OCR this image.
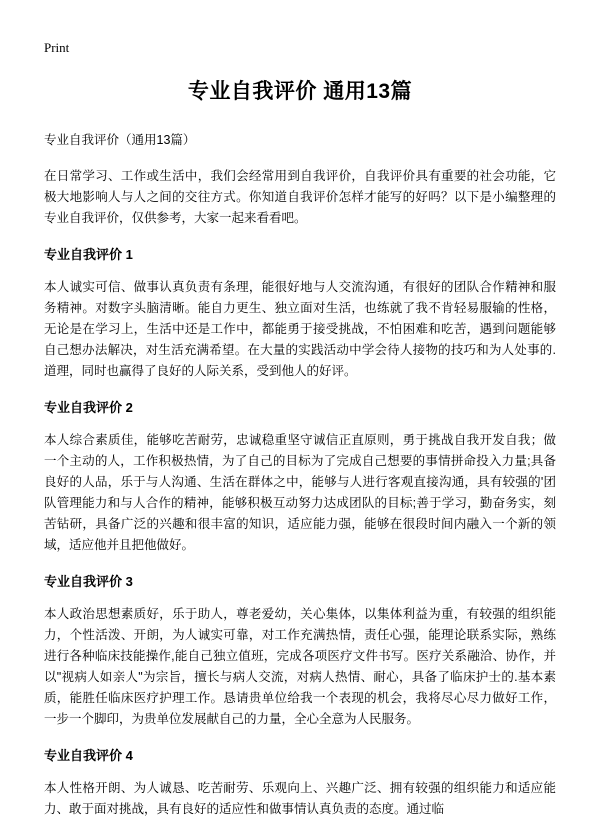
Print
专业自我评价 通用13篇
专业自我评价（通用13篇）
在日常学习、工作或生活中，我们会经常用到自我评价，自我评价具有重要的社会功能，它极大地影响人与人之间的交往方式。你知道自我评价怎样才能写的好吗？以下是小编整理的专业自我评价，仅供参考，大家一起来看看吧。
专业自我评价 1
本人诚实可信、做事认真负责有条理，能很好地与人交流沟通，有很好的团队合作精神和服务精神。对数字头脑清晰。能自力更生、独立面对生活，也练就了我不肯轻易服输的性格，无论是在学习上，生活中还是工作中，都能勇于接受挑战，不怕困难和吃苦，遇到问题能够自己想办法解决，对生活充满希望。在大量的实践活动中学会待人接物的技巧和为人处事的.道理，同时也赢得了良好的人际关系，受到他人的好评。
专业自我评价 2
本人综合素质佳，能够吃苦耐劳，忠诚稳重坚守诚信正直原则，勇于挑战自我开发自我；做一个主动的人，工作积极热情，为了自己的目标为了完成自己想要的事情拼命投入力量;具备良好的人品，乐于与人沟通、生活在群体之中，能够与人进行客观直接沟通，具有较强的'团队管理能力和与人合作的精神，能够积极互动努力达成团队的目标;善于学习，勤奋务实，刻苦钻研，具备广泛的兴趣和很丰富的知识，适应能力强，能够在很段时间内融入一个新的领域，适应他并且把他做好。
专业自我评价 3
本人政治思想素质好，乐于助人，尊老爱幼，关心集体，以集体利益为重，有较强的组织能力，个性活泼、开朗，为人诚实可靠，对工作充满热情，责任心强，能理论联系实际，熟练进行各种临床技能操作,能自己独立值班，完成各项医疗文件书写。医疗关系融洽、协作，并以"视病人如亲人"为宗旨，擅长与病人交流，对病人热情、耐心，具备了临床护士的.基本素质，能胜任临床医疗护理工作。恳请贵单位给我一个表现的机会，我将尽心尽力做好工作，一步一个脚印，为贵单位发展献自己的力量，全心全意为人民服务。
专业自我评价 4
本人性格开朗、为人诚恳、吃苦耐劳、乐观向上、兴趣广泛、拥有较强的组织能力和适应能力、敢于面对挑战，具有良好的适应性和做事情认真负责的态度。通过临
